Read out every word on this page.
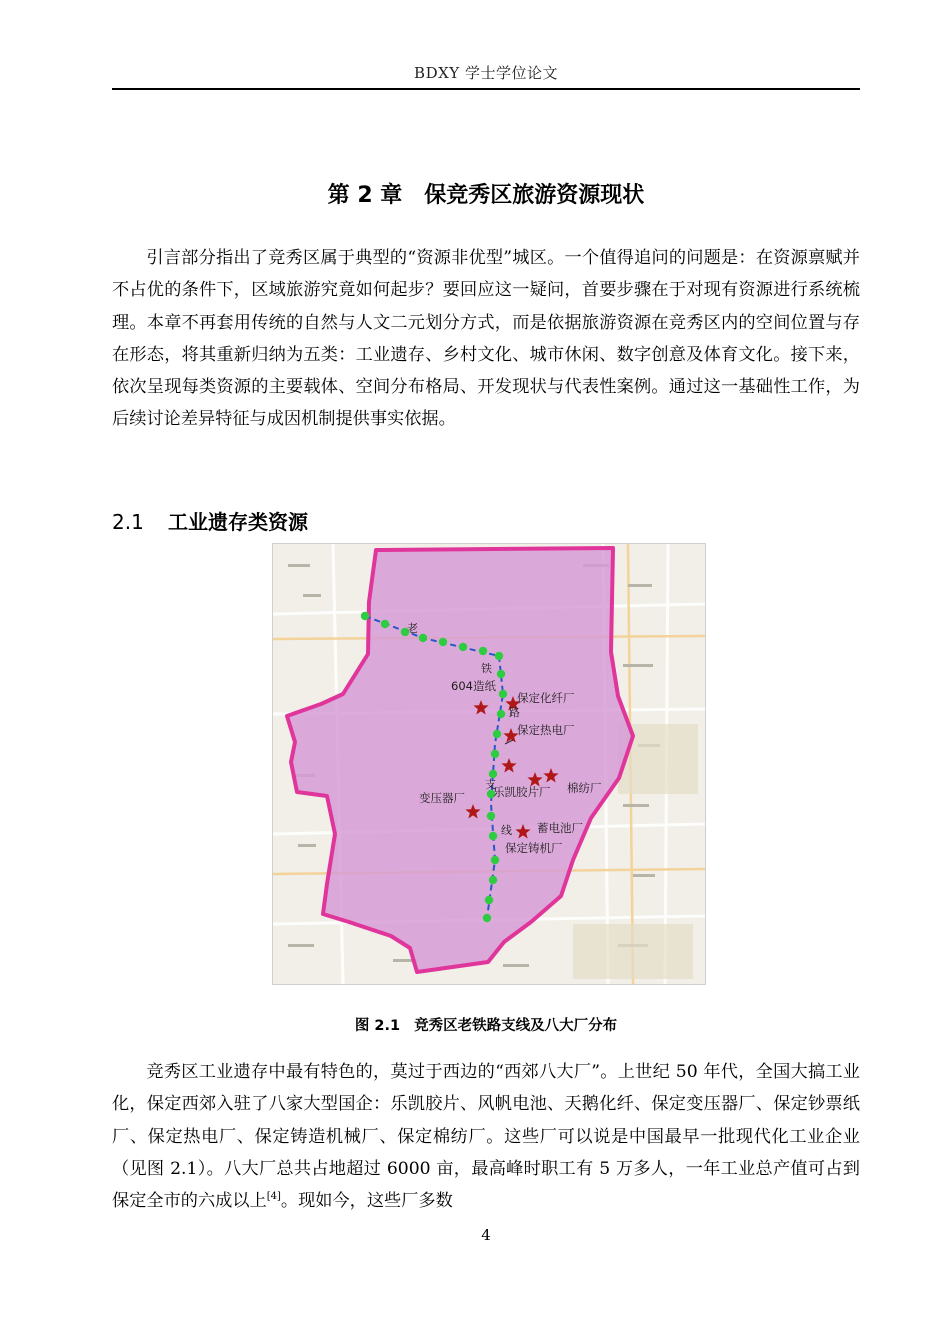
BDXY 学士学位论文
第 2 章　保竞秀区旅游资源现状

引言部分指出了竞秀区属于典型的“资源非优型”城区。一个值得追问的问题是：在资源禀赋并不占优的条件下，区域旅游究竟如何起步？要回应这一疑问，首要步骤在于对现有资源进行系统梳理。本章不再套用传统的自然与人文二元划分方式，而是依据旅游资源在竞秀区内的空间位置与存在形态，将其重新归纳为五类：工业遗存、乡村文化、城市休闲、数字创意及体育文化。接下来，依次呈现每类资源的主要载体、空间分布格局、开发现状与代表性案例。通过这一基础性工作，为后续讨论差异特征与成因机制提供事实依据。

2.1 工业遗存类资源
老
铁
路
支
线
604造纸
保定化纤厂
保定热电厂
变压器厂 乐凯胶片厂 棉纺厂
蓄电池厂
保定铸机厂
图 2.1 竞秀区老铁路支线及八大厂分布

竞秀区工业遗存中最有特色的，莫过于西边的“西郊八大厂”。上世纪 50 年代，全国大搞工业化，保定西郊入驻了八家大型国企：乐凯胶片、风帆电池、天鹅化纤、保定变压器厂、保定钞票纸厂、保定热电厂、保定铸造机械厂、保定棉纺厂。这些厂可以说是中国最早一批现代化工业企业（见图 2.1）。八大厂总共占地超过 6000 亩，最高峰时职工有 5 万多人，一年工业总产值可占到保定全市的六成以上[4]。现如今，这些厂多数

4
